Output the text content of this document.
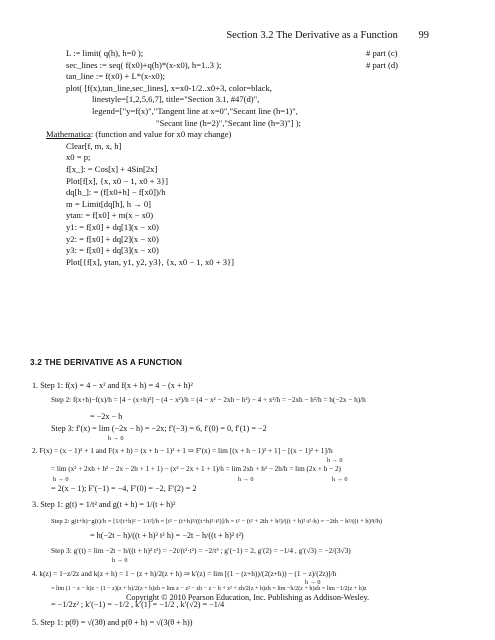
Section 3.2 The Derivative as a Function 99
L := limit( q(h), h=0 );	# part (c)
sec_lines := seq( f(x0)+q(h)*(x-x0), h=1..3 );	# part (d)
tan_line := f(x0) + L*(x-x0);
plot( [f(x),tan_line,sec_lines], x=x0-1/2..x0+3, color=black,
linestyle=[1,2,5,6,7], title="Section 3.1, #47(d)",
legend=["y=f(x)","Tangent line at x=0","Secant line (h=1)",
"Secant line (h=2)","Secant line (h=3)"] );
Mathematica: (function and value for x0 may change)
Clear[f, m, x, h]
x0 = p;
f[x_]: = Cos[x] + 4Sin[2x]
Plot[f[x], {x, x0 − 1, x0 + 3}]
dq[h_]: = (f[x0+h] − f[x0])/h
m = Limit[dq[h], h → 0]
ytan: = f[x0] + m(x − x0)
y1: = f[x0] + dq[1](x − x0)
y2: = f[x0] + dq[2](x − x0)
y3: = f[x0] + dq[3](x − x0)
Plot[{f[x], ytan, y1, y2, y3}, {x, x0 − 1, x0 + 3}]
3.2 THE DERIVATIVE AS A FUNCTION
1. Step 1: f(x) = 4 − x² and f(x + h) = 4 − (x + h)²
Step 2: f(x+h)−f(x)/h = [4 − (x+h)²] − (4 − x²)/h = (4 − x² − 2xh − h²) − 4 + x²/h = −2xh − h²/h = h(−2x − h)/h
= −2x − h
Step 3: f′(x) = lim (−2x − h) = −2x; f′(−3) = 6, f′(0) = 0, f′(1) = −2
h → 0
2. F(x) = (x − 1)² + 1 and F(x + h) = (x + h − 1)² + 1 ⇒ F′(x) = lim [(x + h − 1)² + 1] − [(x − 1)² + 1]/h
h → 0
= lim (x² + 2xh + h² − 2x − 2h + 1 + 1) − (x² − 2x + 1 + 1)/h = lim 2xh + h² − 2h/h = lim (2x + h − 2)
h → 0	h → 0	h → 0
= 2(x − 1); F′(−1) = −4, F′(0) = −2, F′(2) = 2
3. Step 1: g(t) = 1/t² and g(t + h) = 1/(t + h)²
Step 2: g(t+h)−g(t)/h = [1/(t+h)² − 1/t²]/h = [t² − (t+h)²/((t+h)²·t²)]/h = t² − (t² + 2th + h²)/((t + h)²·t²·h) = −2th − h²/((t + h)²t²h)
= h(−2t − h)/((t + h)² t² h) = −2t − h/((t + h)² t²)
Step 3: g′(t) = lim −2t − h/((t + h)² t²) = −2t/(t²·t²) = −2/t³ ; g′(−1) = 2, g′(2) = −1/4 , g′(√3) = −2/(3√3)
h → 0
4. k(z) = 1−z/2z and k(z + h) = 1 − (z + h)/2(z + h) ⇒ k′(z) = lim [(1 − (z+h))/(2(z+h)) − (1 − z)/(2z)]/h
h → 0
= lim (1 − z − h)z − (1 − z)(z + h)/2(z + h)zh = lim z − z² − zh − z − h + z² + zh/2(z + h)zh = lim −h/2(z + h)zh = lim −1/2(z + h)z
= −1/2z² ; k′(−1) = −1/2 , k′(1) = −1/2 , k′(√2) = −1/4
5. Step 1: p(θ) = √(3θ) and p(θ + h) = √(3(θ + h))
Copyright © 2010 Pearson Education, Inc. Publishing as Addison-Wesley.
